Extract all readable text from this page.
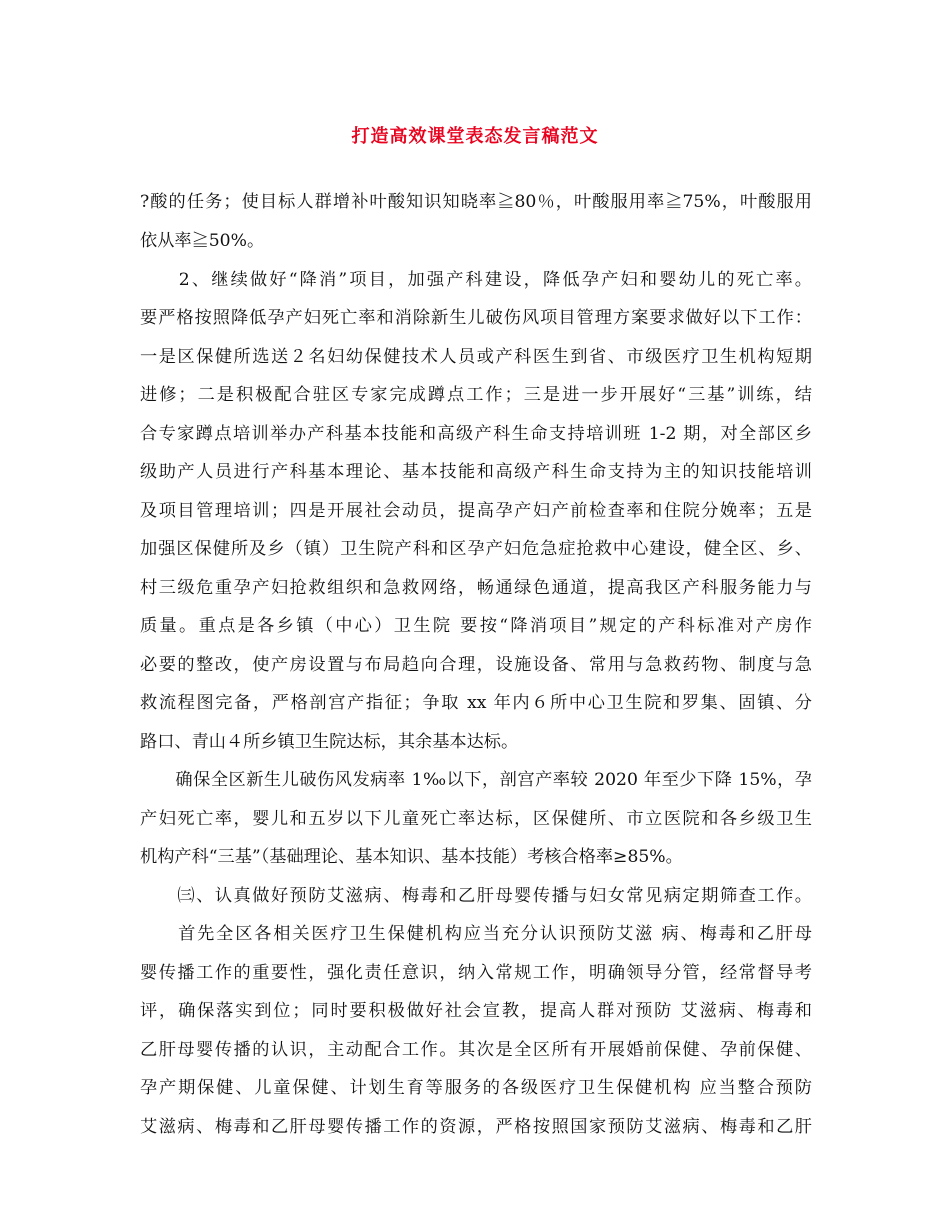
打造高效课堂表态发言稿范文

?酸的任务；使目标人群增补叶酸知识知晓率≧80％，叶酸服用率≧75%，叶酸服用

依从率≧50%。

　　2、继续做好“降消”项目，加强产科建设，降低孕产妇和婴幼儿的死亡率。

要严格按照降低孕产妇死亡率和消除新生儿破伤风项目管理方案要求做好以下工作：

一是区保健所选送２名妇幼保健技术人员或产科医生到省、市级医疗卫生机构短期

进修；二是积极配合驻区专家完成蹲点工作；三是进一步开展好“三基”训练，结

合专家蹲点培训举办产科基本技能和高级产科生命支持培训班 1-2 期，对全部区乡

级助产人员进行产科基本理论、基本技能和高级产科生命支持为主的知识技能培训

及项目管理培训；四是开展社会动员，提高孕产妇产前检查率和住院分娩率；五是

加强区保健所及乡（镇）卫生院产科和区孕产妇危急症抢救中心建设，健全区、乡、

村三级危重孕产妇抢救组织和急救网络，畅通绿色通道，提高我区产科服务能力与

质量。重点是各乡镇（中心）卫生院 要按“降消项目”规定的产科标准对产房作

必要的整改，使产房设置与布局趋向合理，设施设备、常用与急救药物、制度与急

救流程图完备，严格剖宫产指征；争取 xx 年内６所中心卫生院和罗集、固镇、分

路口、青山４所乡镇卫生院达标，其余基本达标。

　　确保全区新生儿破伤风发病率 1‰以下，剖宫产率较 2020 年至少下降 15%，孕

产妇死亡率，婴儿和五岁以下儿童死亡率达标，区保健所、市立医院和各乡级卫生

机构产科“三基”（基础理论、基本知识、基本技能）考核合格率≥85%。

　　㈢、认真做好预防艾滋病、梅毒和乙肝母婴传播与妇女常见病定期筛查工作。

　　首先全区各相关医疗卫生保健机构应当充分认识预防艾滋 病、梅毒和乙肝母

婴传播工作的重要性，强化责任意识，纳入常规工作，明确领导分管，经常督导考

评，确保落实到位；同时要积极做好社会宣教，提高人群对预防 艾滋病、梅毒和

乙肝母婴传播的认识，主动配合工作。其次是全区所有开展婚前保健、孕前保健、

孕产期保健、儿童保健、计划生育等服务的各级医疗卫生保健机构 应当整合预防

艾滋病、梅毒和乙肝母婴传播工作的资源，严格按照国家预防艾滋病、梅毒和乙肝
